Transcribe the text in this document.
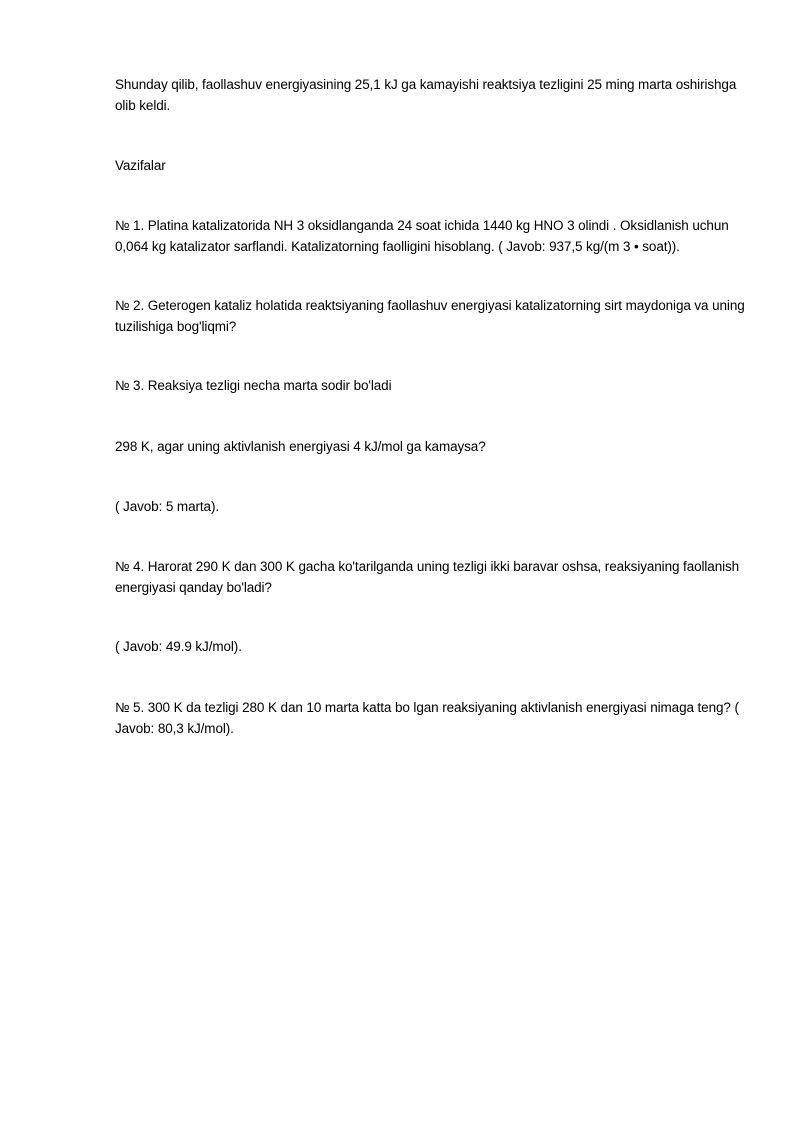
Shunday qilib, faollashuv energiyasining 25,1 kJ ga kamayishi reaktsiya tezligini 25 ming marta oshirishga olib keldi.

Vazifalar

№ 1. Platina katalizatorida NH 3 oksidlanganda 24 soat ichida 1440 kg HNO 3 olindi . Oksidlanish uchun 0,064 kg katalizator sarflandi. Katalizatorning faolligini hisoblang. ( Javob: 937,5 kg/(m 3 • soat)).

№ 2. Geterogen kataliz holatida reaktsiyaning faollashuv energiyasi katalizatorning sirt maydoniga va uning tuzilishiga bog'liqmi?

№ 3. Reaksiya tezligi necha marta sodir bo'ladi

298 K, agar uning aktivlanish energiyasi 4 kJ/mol ga kamaysa?

( Javob: 5 marta).

№ 4. Harorat 290 K dan 300 K gacha ko'tarilganda uning tezligi ikki baravar oshsa, reaksiyaning faollanish energiyasi qanday bo'ladi?

( Javob: 49.9 kJ/mol).

№ 5. 300 K da tezligi 280 K dan 10 marta katta bo lgan reaksiyaning aktivlanish energiyasi nimaga teng? ( Javob: 80,3 kJ/mol).
